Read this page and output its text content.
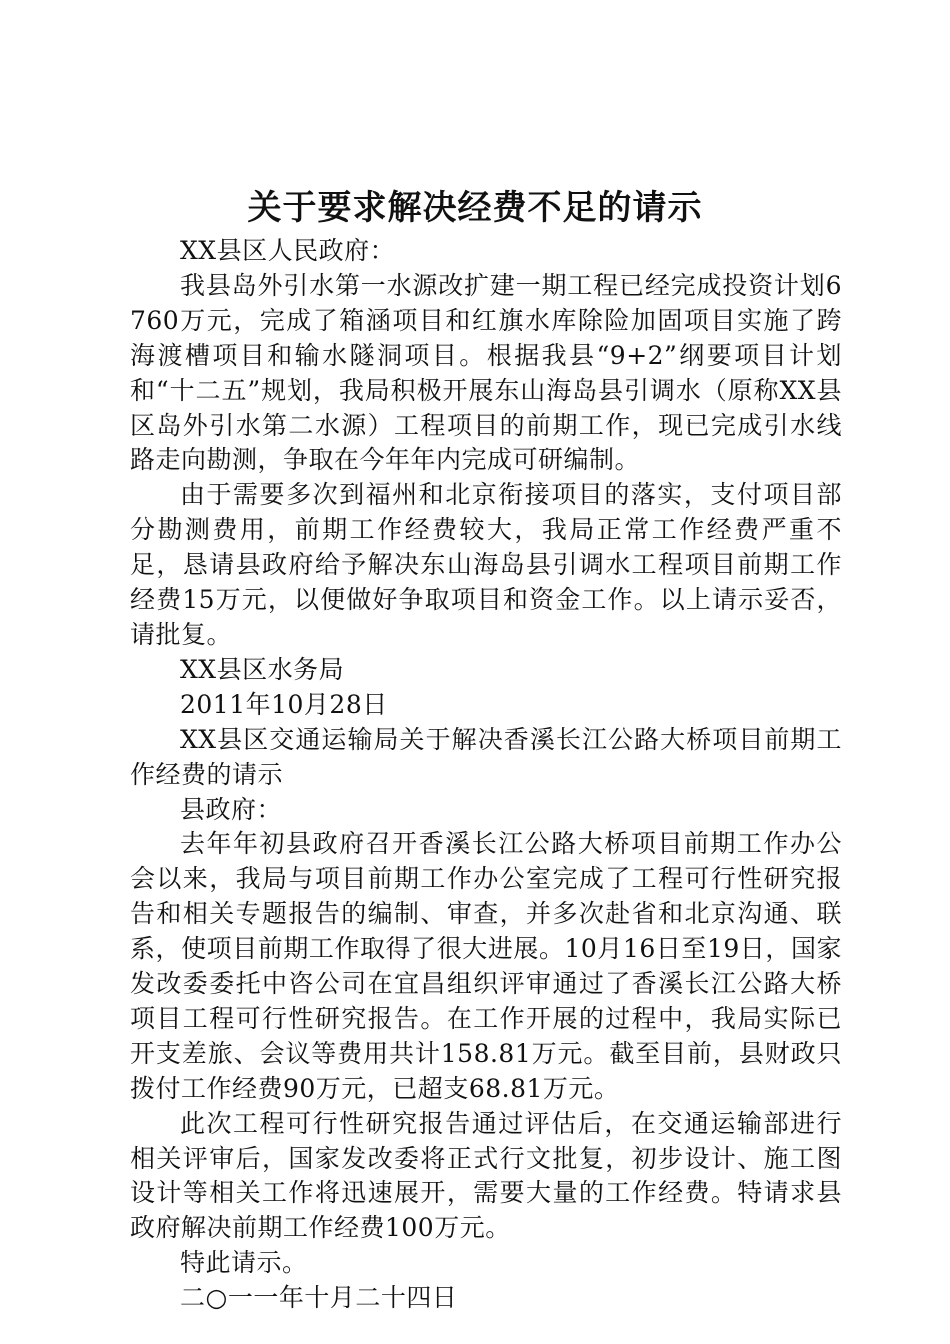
关于要求解决经费不足的请示

XX县区人民政府：

我县岛外引水第一水源改扩建一期工程已经完成投资计划6760万元，完成了箱涵项目和红旗水库除险加固项目实施了跨海渡槽项目和输水隧洞项目。根据我县“9+2”纲要项目计划和“十二五”规划，我局积极开展东山海岛县引调水（原称XX县区岛外引水第二水源）工程项目的前期工作，现已完成引水线路走向勘测，争取在今年年内完成可研编制。

由于需要多次到福州和北京衔接项目的落实，支付项目部分勘测费用，前期工作经费较大，我局正常工作经费严重不足，恳请县政府给予解决东山海岛县引调水工程项目前期工作经费15万元，以便做好争取项目和资金工作。以上请示妥否，请批复。

XX县区水务局

2011年10月28日

XX县区交通运输局关于解决香溪长江公路大桥项目前期工作经费的请示

县政府：

去年年初县政府召开香溪长江公路大桥项目前期工作办公会以来，我局与项目前期工作办公室完成了工程可行性研究报告和相关专题报告的编制、审查，并多次赴省和北京沟通、联系，使项目前期工作取得了很大进展。10月16日至19日，国家发改委委托中咨公司在宜昌组织评审通过了香溪长江公路大桥项目工程可行性研究报告。在工作开展的过程中，我局实际已开支差旅、会议等费用共计158.81万元。截至目前，县财政只拨付工作经费90万元，已超支68.81万元。

此次工程可行性研究报告通过评估后，在交通运输部进行相关评审后，国家发改委将正式行文批复，初步设计、施工图设计等相关工作将迅速展开，需要大量的工作经费。特请求县政府解决前期工作经费100万元。

特此请示。

二○一一年十月二十四日
